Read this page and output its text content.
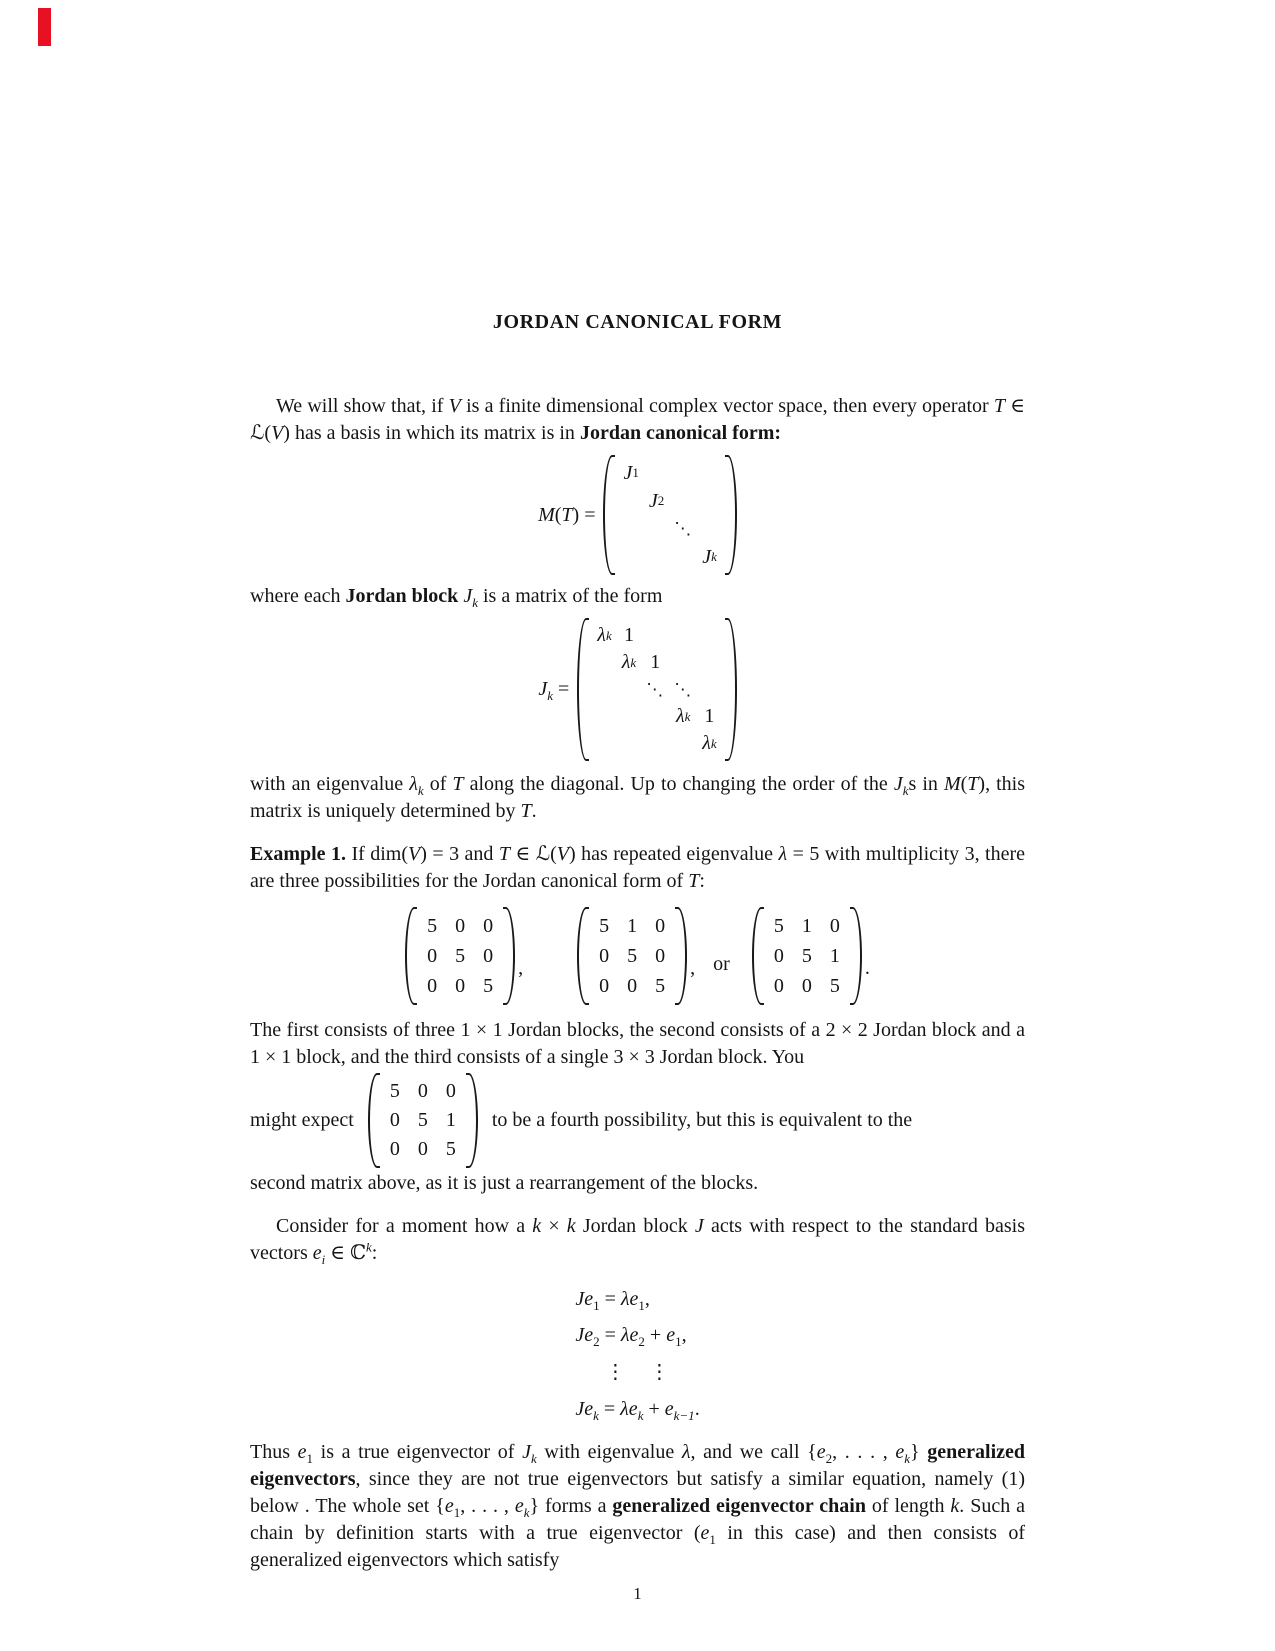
JORDAN CANONICAL FORM

We will show that, if V is a finite dimensional complex vector space, then every operator T ∈ ℒ(V) has a basis in which its matrix is in Jordan canonical form:

M(T) =
J 1
J 2
⋱
J k

where each Jordan block $J_k$ is a matrix of the form

$J_k$ =
λ k 1
λ k 1
⋱ ⋱
λ k 1
λ k

with an eigenvalue $\lambda_k$ of T along the diagonal. Up to changing the order of the $J_ks$ in M(T), this matrix is uniquely determined by T.

Example 1. If dim(V) = 3 and T ∈ ℒ(V) has repeated eigenvalue λ = 5 with multiplicity 3, there are three possibilities for the Jordan canonical form of T:

5 0 0
0 5 0
0 0 5
,
5 1 0
0 5 0
0 0 5
, or
5 1 0
0 5 1
0 0 5
.

The first consists of three 1 × 1 Jordan blocks, the second consists of a 2 × 2 Jordan block and a 1 × 1 block, and the third consists of a single 3 × 3 Jordan block. You

might expect
5 0 0
0 5 1
0 0 5
to be a fourth possibility, but this is equivalent to the

second matrix above, as it is just a rearrangement of the blocks.

Consider for a moment how a k × k Jordan block J acts with respect to the standard basis vectors $e_i$ ∈ ℂ$^k$:

$Je_1 = \lambda e_1$,
$Je_2 = \lambda e_2 + e_1$,
⋮ ⋮
$Je_k = \lambda e_k + e_{k-1}$.

Thus $e_1$ is a true eigenvector of $J_k$ with eigenvalue λ, and we call {$e_2$, . . . , $e_k$} generalized eigenvectors, since they are not true eigenvectors but satisfy a similar equation, namely (1) below . The whole set {$e_1$, . . . , $e_k$} forms a generalized eigenvector chain of length k. Such a chain by definition starts with a true eigenvector ($e_1$ in this case) and then consists of generalized eigenvectors which satisfy

1
